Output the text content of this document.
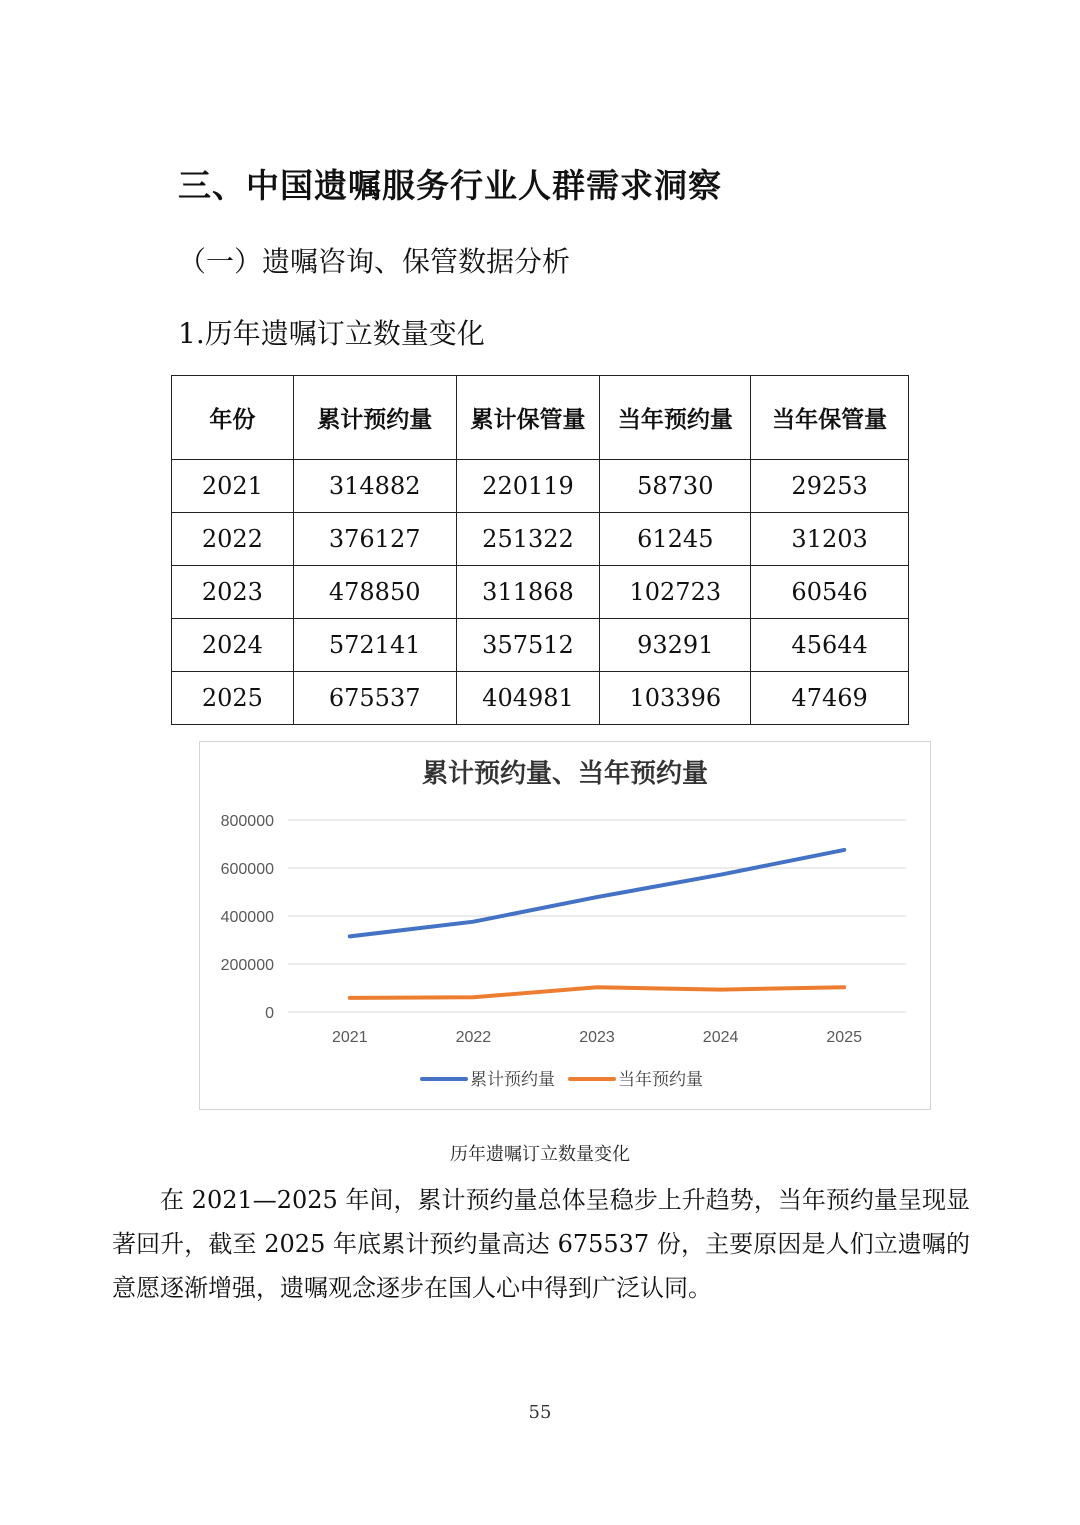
三、中国遗嘱服务行业人群需求洞察
（一）遗嘱咨询、保管数据分析
1.历年遗嘱订立数量变化
年份	累计预约量	累计保管量	当年预约量	当年保管量
2021	314882	220119	58730	29253
2022	376127	251322	61245	31203
2023	478850	311868	102723	60546
2024	572141	357512	93291	45644
2025	675537	404981	103396	47469
累计预约量、当年预约量
0
200000
400000
600000
800000
2021	2022	2023	2024	2025
累计预约量	当年预约量
历年遗嘱订立数量变化
在 2021—2025 年间，累计预约量总体呈稳步上升趋势，当年预约量呈现显著回升，截至 2025 年底累计预约量高达 675537 份，主要原因是人们立遗嘱的意愿逐渐增强，遗嘱观念逐步在国人心中得到广泛认同。
55
